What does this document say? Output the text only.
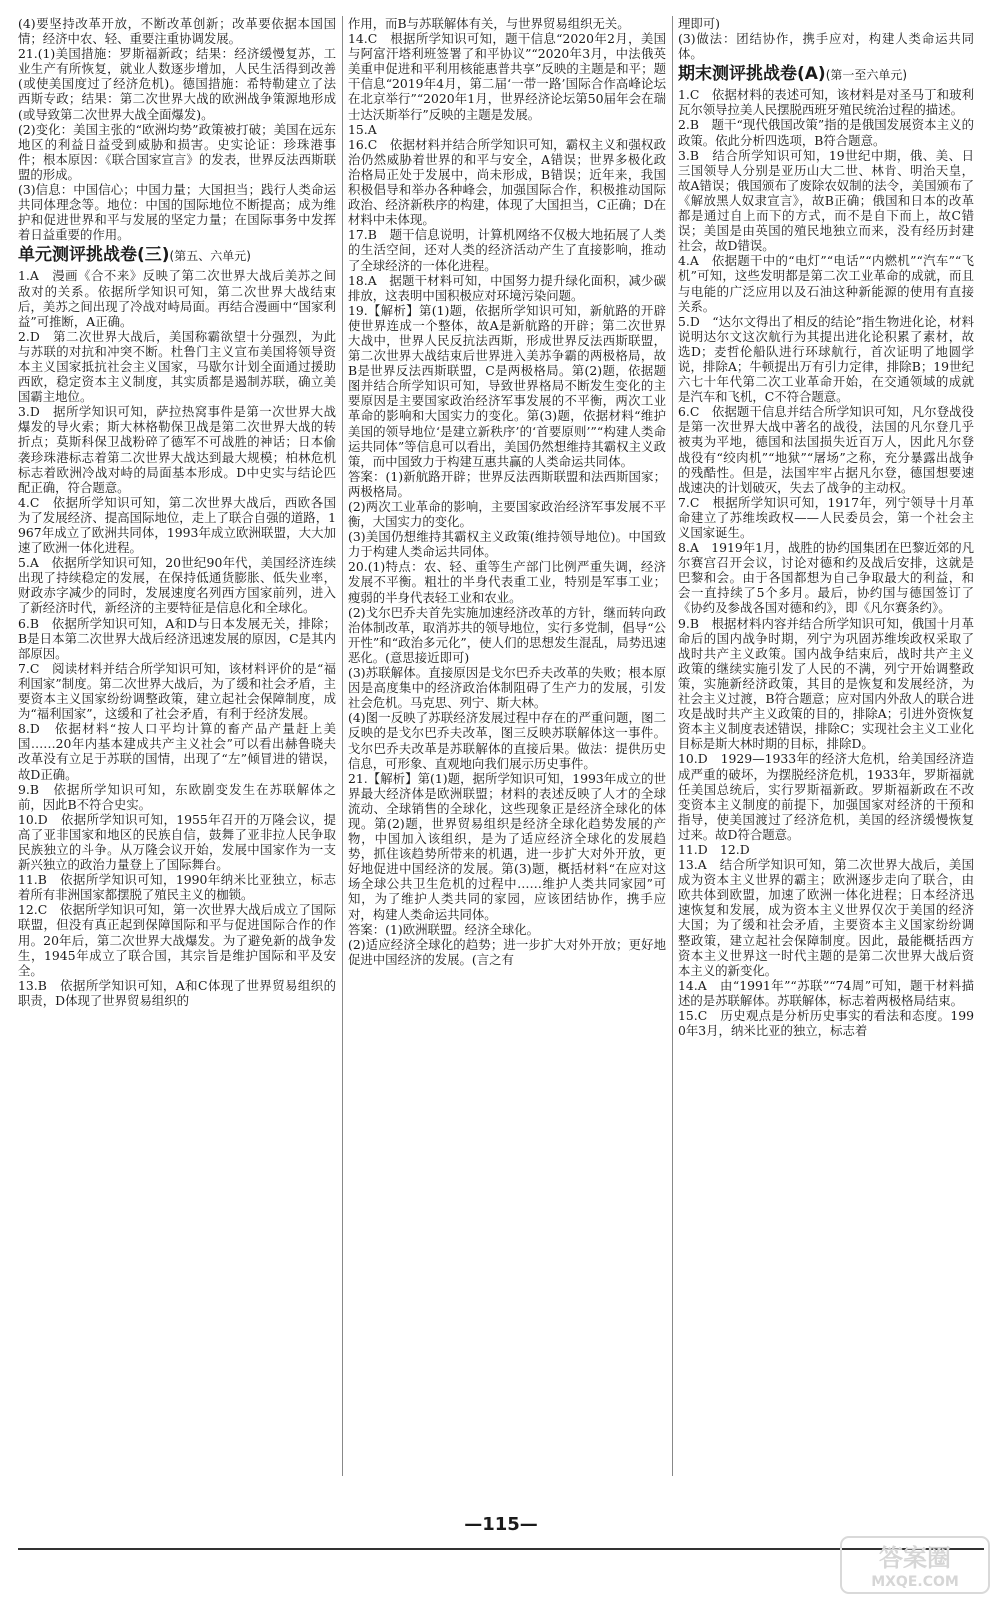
(4)要坚持改革开放，不断改革创新；改革要依据本国国情；经济中农、轻、重要注重协调发展。

21.(1)美国措施：罗斯福新政；结果：经济缓慢复苏，工业生产有所恢复，就业人数逐步增加，人民生活得到改善(或使美国度过了经济危机)。德国措施：希特勒建立了法西斯专政；结果：第二次世界大战的欧洲战争策源地形成(或导致第二次世界大战全面爆发)。

(2)变化：美国主张的“欧洲均势”政策被打破；美国在远东地区的利益日益受到威胁和损害。史实论证：珍珠港事件；根本原因：《联合国家宣言》的发表，世界反法西斯联盟的形成。

(3)信息：中国信心；中国力量；大国担当；践行人类命运共同体理念等。地位：中国的国际地位不断提高；成为维护和促进世界和平与发展的坚定力量；在国际事务中发挥着日益重要的作用。

单元测评挑战卷(三)(第五、六单元)

1.A　漫画《合不来》反映了第二次世界大战后美苏之间敌对的关系。依据所学知识可知，第二次世界大战结束后，美苏之间出现了冷战对峙局面。再结合漫画中“国家利益”可推断，A正确。

2.D　第二次世界大战后，美国称霸欲望十分强烈，为此与苏联的对抗和冲突不断。杜鲁门主义宣布美国将领导资本主义国家抵抗社会主义国家，马歇尔计划全面通过援助西欧，稳定资本主义制度，其实质都是遏制苏联，确立美国霸主地位。

3.D　据所学知识可知，萨拉热窝事件是第一次世界大战爆发的导火索；斯大林格勒保卫战是第二次世界大战的转折点；莫斯科保卫战粉碎了德军不可战胜的神话；日本偷袭珍珠港标志着第二次世界大战达到最大规模；柏林危机标志着欧洲冷战对峙的局面基本形成。D中史实与结论匹配正确，符合题意。

4.C　依据所学知识可知，第二次世界大战后，西欧各国为了发展经济、提高国际地位，走上了联合自强的道路，1967年成立了欧洲共同体，1993年成立欧洲联盟，大大加速了欧洲一体化进程。

5.A　依据所学知识可知，20世纪90年代，美国经济连续出现了持续稳定的发展，在保持低通货膨胀、低失业率，财政赤字减少的同时，发展速度名列西方国家前列，进入了新经济时代，新经济的主要特征是信息化和全球化。

6.B　依据所学知识可知，A和D与日本发展无关，排除；B是日本第二次世界大战后经济迅速发展的原因，C是其内部原因。

7.C　阅读材料并结合所学知识可知，该材料评价的是“福利国家”制度。第二次世界大战后，为了缓和社会矛盾，主要资本主义国家纷纷调整政策，建立起社会保障制度，成为“福利国家”，这缓和了社会矛盾，有利于经济发展。

8.D　依据材料“按人口平均计算的畜产品产量赶上美国……20年内基本建成共产主义社会”可以看出赫鲁晓夫改革没有立足于苏联的国情，出现了“左”倾冒进的错误，故D正确。

9.B　依据所学知识可知，东欧剧变发生在苏联解体之前，因此B不符合史实。

10.D　依据所学知识可知，1955年召开的万隆会议，提高了亚非国家和地区的民族自信，鼓舞了亚非拉人民争取民族独立的斗争。从万隆会议开始，发展中国家作为一支新兴独立的政治力量登上了国际舞台。

11.B　依据所学知识可知，1990年纳米比亚独立，标志着所有非洲国家都摆脱了殖民主义的枷锁。

12.C　依据所学知识可知，第一次世界大战后成立了国际联盟，但没有真正起到保障国际和平与促进国际合作的作用。20年后，第二次世界大战爆发。为了避免新的战争发生，1945年成立了联合国，其宗旨是维护国际和平及安全。

13.B　依据所学知识可知，A和C体现了世界贸易组织的职责，D体现了世界贸易组织的

作用，而B与苏联解体有关，与世界贸易组织无关。

14.C　根据所学知识可知，题干信息“2020年2月，美国与阿富汗塔利班签署了和平协议”“2020年3月，中法俄英美重申促进和平利用核能惠普共享”反映的主题是和平；题干信息“2019年4月，第二届‘一带一路’国际合作高峰论坛在北京举行”“2020年1月，世界经济论坛第50届年会在瑞士达沃斯举行”反映的主题是发展。

15.A

16.C　依据材料并结合所学知识可知，霸权主义和强权政治仍然威胁着世界的和平与安全，A错误；世界多极化政治格局正处于发展中，尚未形成，B错误；近年来，我国积极倡导和举办各种峰会，加强国际合作，积极推动国际政治、经济新秩序的构建，体现了大国担当，C正确；D在材料中未体现。

17.B　题干信息说明，计算机网络不仅极大地拓展了人类的生活空间，还对人类的经济活动产生了直接影响，推动了全球经济的一体化进程。

18.A　据题干材料可知，中国努力提升绿化面积，减少碳排放，这表明中国积极应对环境污染问题。

19.【解析】第(1)题，依据所学知识可知，新航路的开辟使世界连成一个整体，故A是新航路的开辟；第二次世界大战中，世界人民反抗法西斯，形成世界反法西斯联盟，第二次世界大战结束后世界进入美苏争霸的两极格局，故B是世界反法西斯联盟，C是两极格局。第(2)题，依据题图并结合所学知识可知，导致世界格局不断发生变化的主要原因是主要国家政治经济军事发展的不平衡，两次工业革命的影响和大国实力的变化。第(3)题，依据材料“维护美国的领导地位‘是建立新秩序’的‘首要原则’”“构建人类命运共同体”等信息可以看出，美国仍然想维持其霸权主义政策，而中国致力于构建互惠共赢的人类命运共同体。

答案：(1)新航路开辟；世界反法西斯联盟和法西斯国家；两极格局。

(2)两次工业革命的影响，主要国家政治经济军事发展不平衡，大国实力的变化。

(3)美国仍想维持其霸权主义政策(维持领导地位)。中国致力于构建人类命运共同体。

20.(1)特点：农、轻、重等生产部门比例严重失调，经济发展不平衡。粗壮的半身代表重工业，特别是军事工业；瘦弱的半身代表轻工业和农业。

(2)戈尔巴乔夫首先实施加速经济改革的方针，继而转向政治体制改革，取消苏共的领导地位，实行多党制，倡导“公开性”和“政治多元化”，使人们的思想发生混乱，局势迅速恶化。(意思接近即可)

(3)苏联解体。直接原因是戈尔巴乔夫改革的失败；根本原因是高度集中的经济政治体制阻碍了生产力的发展，引发社会危机。马克思、列宁、斯大林。

(4)图一反映了苏联经济发展过程中存在的严重问题，图二反映的是戈尔巴乔夫改革，图三反映苏联解体这一事件。戈尔巴乔夫改革是苏联解体的直接后果。做法：提供历史信息，可形象、直观地向我们展示历史事件。

21.【解析】第(1)题，据所学知识可知，1993年成立的世界最大经济体是欧洲联盟；材料的表述反映了人才的全球流动、全球销售的全球化，这些现象正是经济全球化的体现。第(2)题，世界贸易组织是经济全球化趋势发展的产物，中国加入该组织，是为了适应经济全球化的发展趋势，抓住该趋势所带来的机遇，进一步扩大对外开放，更好地促进中国经济的发展。第(3)题，概括材料“在应对这场全球公共卫生危机的过程中……维护人类共同家园”可知，为了维护人类共同的家园，应该团结协作，携手应对，构建人类命运共同体。

答案：(1)欧洲联盟。经济全球化。

(2)适应经济全球化的趋势；进一步扩大对外开放；更好地促进中国经济的发展。(言之有

理即可)

(3)做法：团结协作，携手应对，构建人类命运共同体。

期末测评挑战卷(A)(第一至六单元)

1.C　依据材料的表述可知，该材料是对圣马丁和玻利瓦尔领导拉美人民摆脱西班牙殖民统治过程的描述。

2.B　题干“现代俄国改策”指的是俄国发展资本主义的政策。依此分析四选项，B符合题意。

3.B　结合所学知识可知，19世纪中期，俄、美、日三国领导人分别是亚历山大二世、林肯、明治天皇，故A错误；俄国颁布了废除农奴制的法令，美国颁布了《解放黑人奴隶宣言》，故B正确；俄国和日本的改革都是通过自上而下的方式，而不是自下而上，故C错误；美国是由英国的殖民地独立而来，没有经历封建社会，故D错误。

4.A　依据题干中的“电灯”“电话”“内燃机”“汽车”“飞机”可知，这些发明都是第二次工业革命的成就，而且与电能的广泛应用以及石油这种新能源的使用有直接关系。

5.D　“达尔文得出了相反的结论”指生物进化论，材料说明达尔文这次航行为其提出进化论积累了素材，故选D；麦哲伦船队进行环球航行，首次证明了地圆学说，排除A；牛顿提出万有引力定律，排除B；19世纪六七十年代第二次工业革命开始，在交通领域的成就是汽车和飞机，C不符合题意。

6.C　依据题干信息并结合所学知识可知，凡尔登战役是第一次世界大战中著名的战役，法国的凡尔登几乎被夷为平地，德国和法国损失近百万人，因此凡尔登战役有“绞肉机”“地狱”“屠场”之称，充分暴露出战争的残酷性。但是，法国牢牢占据凡尔登，德国想要速战速决的计划破灭，失去了战争的主动权。

7.C　根据所学知识可知，1917年，列宁领导十月革命建立了苏维埃政权——人民委员会，第一个社会主义国家诞生。

8.A　1919年1月，战胜的协约国集团在巴黎近郊的凡尔赛宫召开会议，讨论对德和约及战后安排，这就是巴黎和会。由于各国都想为自己争取最大的利益，和会一直持续了5个多月。最后，协约国与德国签订了《协约及参战各国对德和约》，即《凡尔赛条约》。

9.B　根据材料内容并结合所学知识可知，俄国十月革命后的国内战争时期，列宁为巩固苏维埃政权采取了战时共产主义政策。国内战争结束后，战时共产主义政策的继续实施引发了人民的不满，列宁开始调整政策，实施新经济政策，其目的是恢复和发展经济，为社会主义过渡，B符合题意；应对国内外敌人的联合进攻是战时共产主义政策的目的，排除A；引进外资恢复资本主义制度表述错误，排除C；实现社会主义工业化目标是斯大林时期的目标，排除D。

10.D　1929—1933年的经济大危机，给美国经济造成严重的破坏，为摆脱经济危机，1933年，罗斯福就任美国总统后，实行罗斯福新政。罗斯福新政在不改变资本主义制度的前提下，加强国家对经济的干预和指导，使美国渡过了经济危机，美国的经济缓慢恢复过来。故D符合题意。

11.D　12.D

13.A　结合所学知识可知，第二次世界大战后，美国成为资本主义世界的霸主；欧洲逐步走向了联合，由欧共体到欧盟，加速了欧洲一体化进程；日本经济迅速恢复和发展，成为资本主义世界仅次于美国的经济大国；为了缓和社会矛盾，主要资本主义国家纷纷调整政策，建立起社会保障制度。因此，最能概括西方资本主义世界这一时代主题的是第二次世界大战后资本主义的新变化。

14.A　由“1991年”“苏联”“74周”可知，题干材料描述的是苏联解体。苏联解体，标志着两极格局结束。

15.C　历史观点是分析历史事实的看法和态度。1990年3月，纳米比亚的独立，标志着

—115—
答案圈
MXQE.COM
